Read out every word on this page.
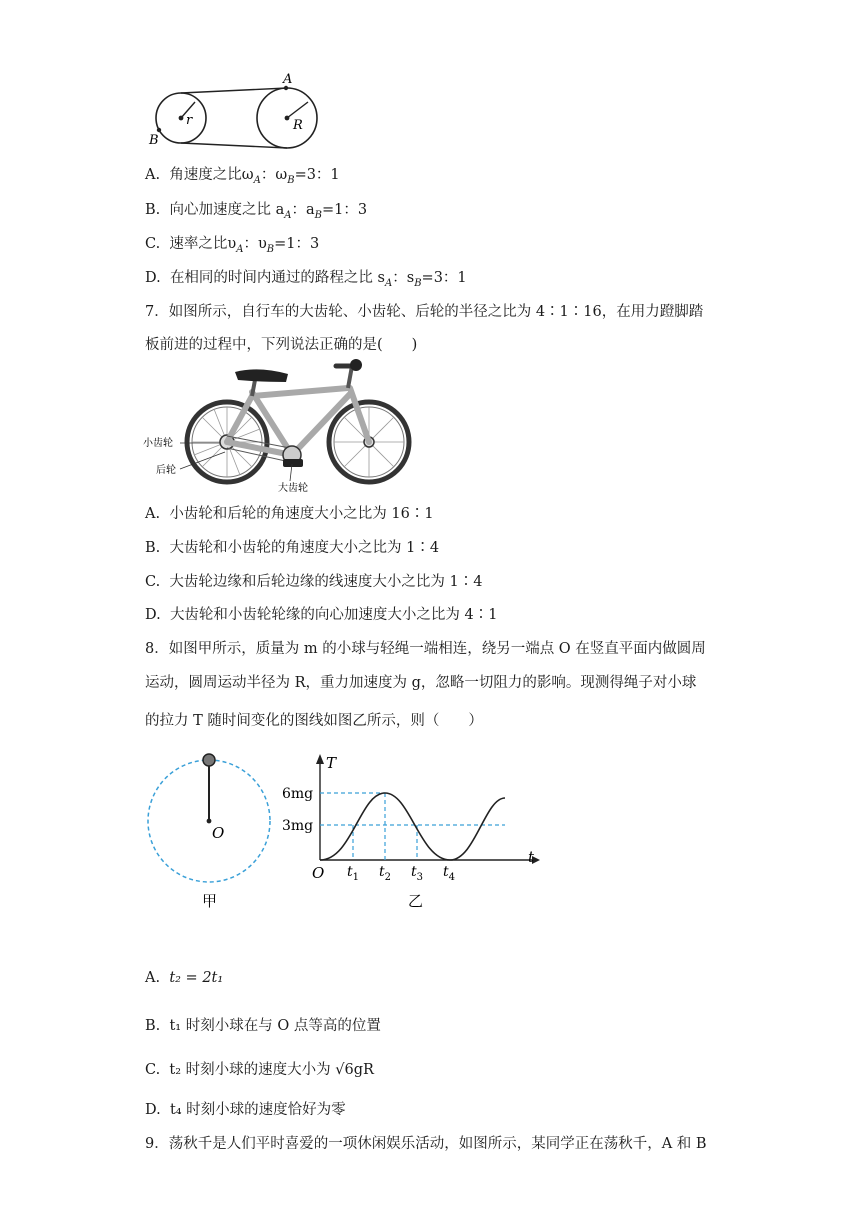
A
B
r	R
A. 角速度之比$\omega_A$：$\omega_B=3$：1
B. 向心加速度之比 $a_A$：$a_B=1$：3
C. 速率之比$\upsilon_A$：$\upsilon_B=1$：3
D. 在相同的时间内通过的路程之比 $s_A$：$s_B=3$：1
7．如图所示，自行车的大齿轮、小齿轮、后轮的半径之比为 4∶1∶16，在用力蹬脚踏
板前进的过程中，下列说法正确的是(　　)
小齿轮
后轮
大齿轮
A. 小齿轮和后轮的角速度大小之比为 16∶1
B. 大齿轮和小齿轮的角速度大小之比为 1∶4
C. 大齿轮边缘和后轮边缘的线速度大小之比为 1∶4
D. 大齿轮和小齿轮轮缘的向心加速度大小之比为 4∶1
8．如图甲所示，质量为 m 的小球与轻绳一端相连，绕另一端点 O 在竖直平面内做圆周
运动，圆周运动半径为 R，重力加速度为 g，忽略一切阻力的影响。现测得绳子对小球
的拉力 T 随时间变化的图线如图乙所示，则（　　）
O
甲
T
t
O
6mg
3mg
$t_1$ $t_2$ $t_3$ $t_4$
乙
A. t₂ = 2t₁
B. t₁ 时刻小球在与 O 点等高的位置
C. t₂ 时刻小球的速度大小为 √6gR
D. t₄ 时刻小球的速度恰好为零
9．荡秋千是人们平时喜爱的一项休闲娱乐活动，如图所示，某同学正在荡秋千，A 和 B
